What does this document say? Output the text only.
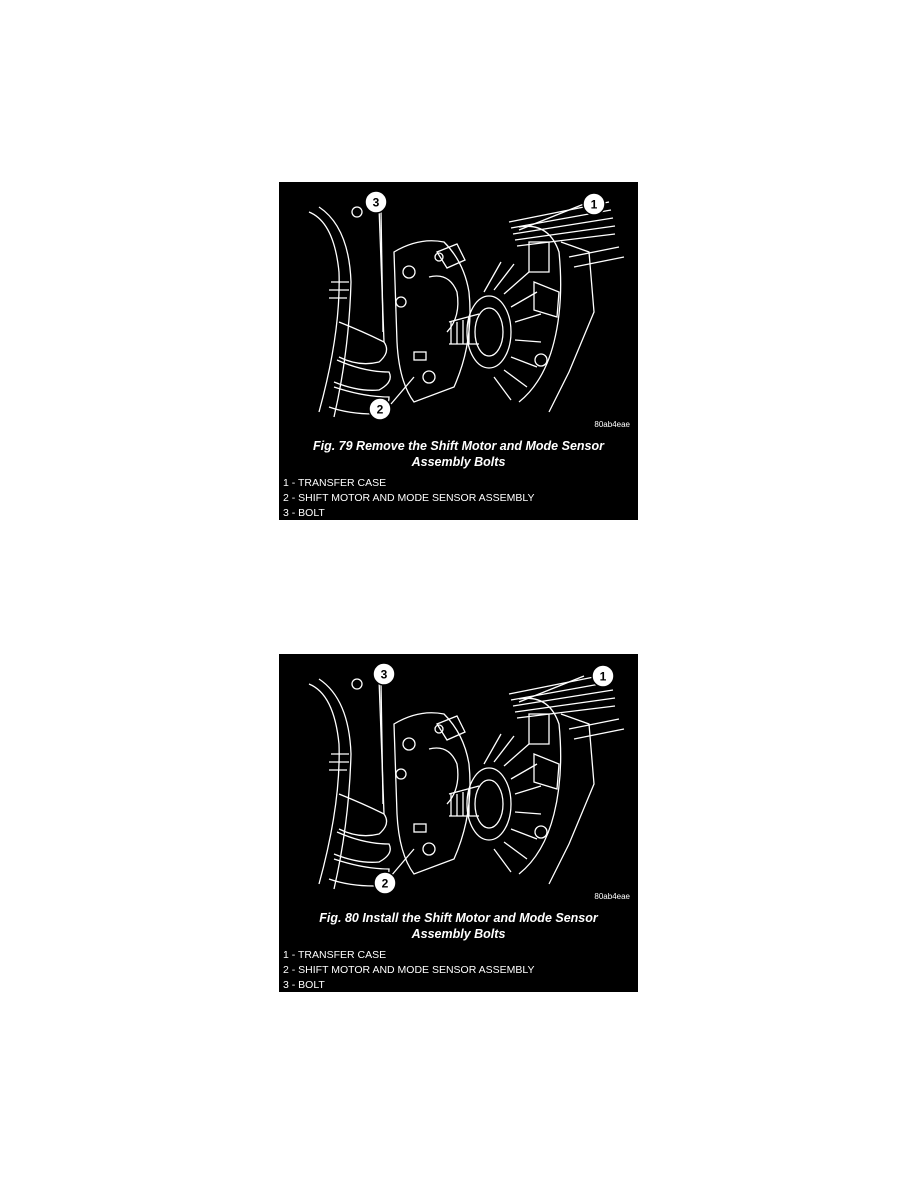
3	1
2
80ab4eae
Fig. 79 Remove the Shift Motor and Mode Sensor
Assembly Bolts
1 - TRANSFER CASE
2 - SHIFT MOTOR AND MODE SENSOR ASSEMBLY
3 - BOLT
3	1
2
80ab4eae
Fig. 80 Install the Shift Motor and Mode Sensor
Assembly Bolts
1 - TRANSFER CASE
2 - SHIFT MOTOR AND MODE SENSOR ASSEMBLY
3 - BOLT
